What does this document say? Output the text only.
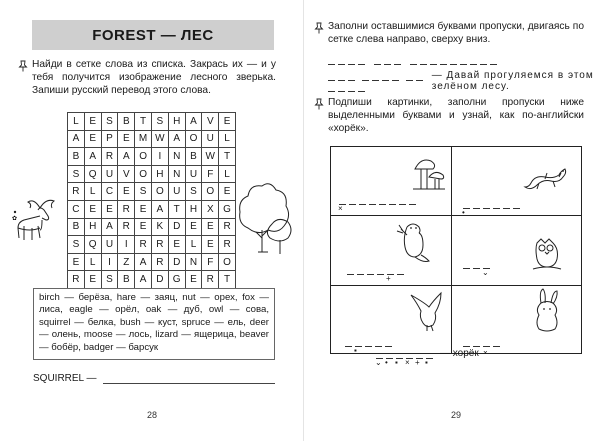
FOREST — ЛЕС

Найди в сетке слова из списка. Закрась их — и у тебя получится изображение лесного зверька. Запиши русский перевод этого слова.

L	E	S	B	T	S	H	A	V	E
A	E	P	E	M	W	A	O	U	L
B	A	R	A	O	I	N	B	W	T
S	Q	U	V	O	H	N	U	F	L
R	L	C	E	S	O	U	S	O	E
C	E	E	R	E	A	T	H	X	G
B	H	A	R	E	K	D	E	E	R
S	Q	U	I	R	R	E	L	E	R
E	L	I	Z	A	R	D	N	F	O
R	E	S	B	A	D	G	E	R	T
✿
birch — берёза, hare — заяц, nut — орех, fox — лиса, eagle — орёл, oak — дуб, owl — сова, squirrel — белка, bush — куст, spruce — ель, deer — олень, moose — лось, lizard — ящерица, beaver — бобёр, badger — барсук
SQUIRREL —
28

Заполни оставшимися буквами пропуски, двигаясь по сетке слева направо, сверху вниз.

— Давай прогуляемся в этом зелёном лесу.

Подпиши картинки, заполни пропуски ниже выделенными буквами и узнай, как по-английски «хорёк».

×	•
+
⌄
▪	⌄
⌄ • ▪ × + ▪
— хорёк
29
